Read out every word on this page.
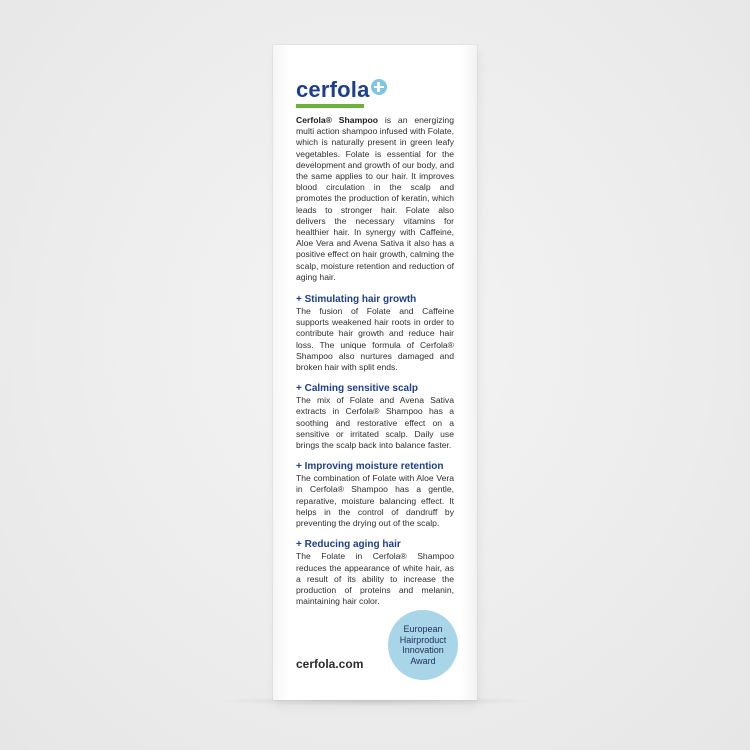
cerfola

Cerfola® Shampoo is an energizing multi action shampoo infused with Folate, which is naturally present in green leafy vegetables. Folate is essential for the development and growth of our body, and the same applies to our hair. It improves blood circulation in the scalp and promotes the production of keratin, which leads to stronger hair. Folate also delivers the necessary vitamins for healthier hair. In synergy with Caffeine, Aloe Vera and Avena Sativa it also has a positive effect on hair growth, calming the scalp, moisture retention and reduction of aging hair.

+ Stimulating hair growth

The fusion of Folate and Caffeine supports weakened hair roots in order to contribute hair growth and reduce hair loss. The unique formula of Cerfola® Shampoo also nurtures damaged and broken hair with split ends.

+ Calming sensitive scalp

The mix of Folate and Avena Sativa extracts in Cerfola® Shampoo has a soothing and restorative effect on a sensitive or irritated scalp. Daily use brings the scalp back into balance faster.

+ Improving moisture retention

The combination of Folate with Aloe Vera in Cerfola® Shampoo has a gentle, reparative, moisture balancing effect. It helps in the control of dandruff by preventing the drying out of the scalp.

+ Reducing aging hair

The Folate in Cerfola® Shampoo reduces the appearance of white hair, as a result of its ability to increase the production of proteins and melanin, maintaining hair color.

European Hairproduct Innovation Award
cerfola.com
